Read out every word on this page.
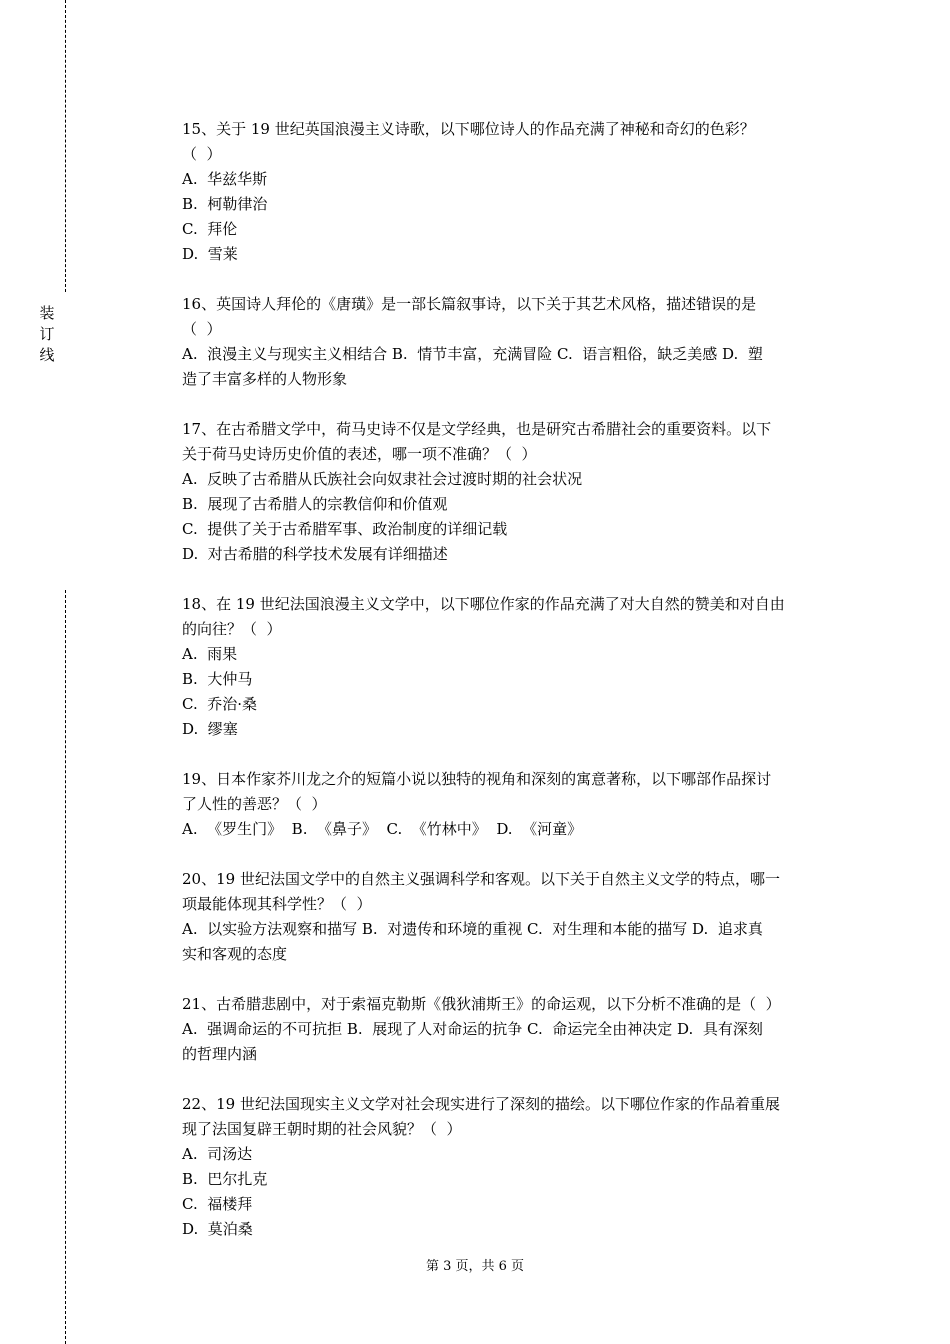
装
订
线
15、关于 19 世纪英国浪漫主义诗歌，以下哪位诗人的作品充满了神秘和奇幻的色彩？
（  ）
A.  华兹华斯
B.  柯勒律治
C.  拜伦
D.  雪莱
16、英国诗人拜伦的《唐璜》是一部长篇叙事诗，以下关于其艺术风格，描述错误的是
（  ）
A.  浪漫主义与现实主义相结合 B.  情节丰富，充满冒险 C.  语言粗俗，缺乏美感 D.  塑
造了丰富多样的人物形象
17、在古希腊文学中，荷马史诗不仅是文学经典，也是研究古希腊社会的重要资料。以下
关于荷马史诗历史价值的表述，哪一项不准确？（  ）
A.  反映了古希腊从氏族社会向奴隶社会过渡时期的社会状况
B.  展现了古希腊人的宗教信仰和价值观
C.  提供了关于古希腊军事、政治制度的详细记载
D.  对古希腊的科学技术发展有详细描述
18、在 19 世纪法国浪漫主义文学中，以下哪位作家的作品充满了对大自然的赞美和对自由
的向往？（  ）
A.  雨果
B.  大仲马
C.  乔治·桑
D.  缪塞
19、日本作家芥川龙之介的短篇小说以独特的视角和深刻的寓意著称，以下哪部作品探讨
了人性的善恶？（  ）
A.  《罗生门》  B.  《鼻子》  C.  《竹林中》  D.  《河童》
20、19 世纪法国文学中的自然主义强调科学和客观。以下关于自然主义文学的特点，哪一
项最能体现其科学性？（  ）
A.  以实验方法观察和描写 B.  对遗传和环境的重视 C.  对生理和本能的描写 D.  追求真
实和客观的态度
21、古希腊悲剧中，对于索福克勒斯《俄狄浦斯王》的命运观，以下分析不准确的是（  ）
A.  强调命运的不可抗拒 B.  展现了人对命运的抗争 C.  命运完全由神决定 D.  具有深刻
的哲理内涵
22、19 世纪法国现实主义文学对社会现实进行了深刻的描绘。以下哪位作家的作品着重展
现了法国复辟王朝时期的社会风貌？（  ）
A.  司汤达
B.  巴尔扎克
C.  福楼拜
D.  莫泊桑
第 3 页，共 6 页
